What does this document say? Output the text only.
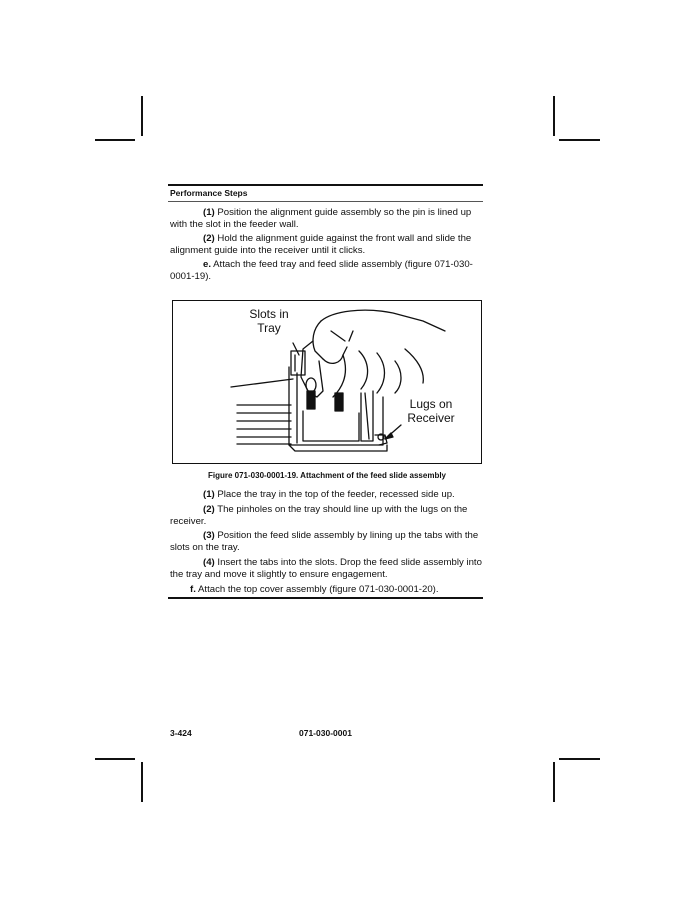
Performance Steps
(1) Position the alignment guide assembly so the pin is lined up with the slot in the feeder wall.
(2) Hold the alignment guide against the front wall and slide the alignment guide into the receiver until it clicks.
e. Attach the feed tray and feed slide assembly (figure 071-030-0001-19).
Slots in
Tray
Lugs on
Receiver
Figure 071-030-0001-19. Attachment of the feed slide assembly
(1) Place the tray in the top of the feeder, recessed side up.
(2) The pinholes on the tray should line up with the lugs on the receiver.
(3) Position the feed slide assembly by lining up the tabs with the slots on the tray.
(4) Insert the tabs into the slots. Drop the feed slide assembly into the tray and move it slightly to ensure engagement.
f. Attach the top cover assembly (figure 071-030-0001-20).
3-424	071-030-0001
